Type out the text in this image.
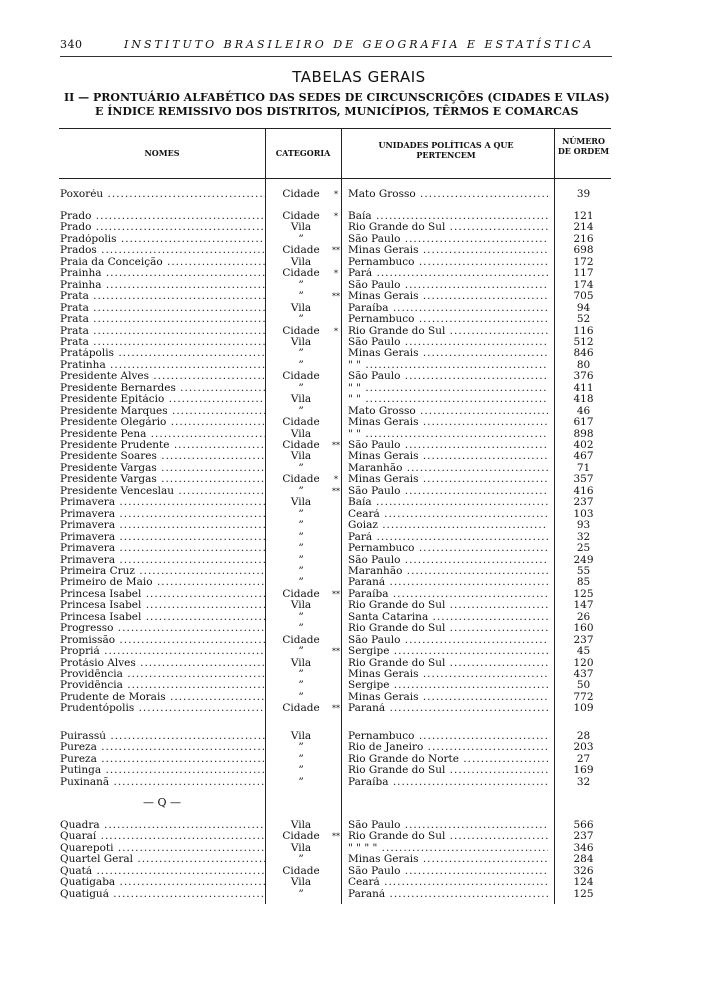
340	INSTITUTO BRASILEIRO DE GEOGRAFIA E ESTATÍSTICA
TABELAS GERAIS
II — PRONTUÁRIO ALFABÉTICO DAS SEDES DE CIRCUNSCRIÇÕES (CIDADES E VILAS)
E ÍNDICE REMISSIVO DOS DISTRITOS, MUNICÍPIOS, TÊRMOS E COMARCAS
NOMES	CATEGORIA
UNIDADES POLÍTICAS A QUE PERTENCEM
NÚMERO DE ORDEM
— Q —
Poxoréu .....	Cidade	* Mato Grosso .....	39
Prado .....	Cidade	* Baía .....	121
Prado .....	Vila	Rio Grande do Sul .....	214
Pradópolis .....	”	São Paulo .....	216
Prados .....	Cidade	** Minas Gerais .....	698
Praia da Conceição .....	Vila	Pernambuco .....	172
Prainha .....	Cidade	* Pará .....	117
Prainha .....	”	São Paulo .....	174
Prata .....	”	** Minas Gerais .....	705
Prata .....	Vila	Paraíba .....	94
Prata .....	”	Pernambuco .....	52
Prata .....	Cidade	* Rio Grande do Sul .....	116
Prata .....	Vila	São Paulo .....	512
Pratápolis .....	”	Minas Gerais .....	846
Pratinha .....	”	" " .....	80
Presidente Alves .....	Cidade	São Paulo .....	376
Presidente Bernardes .....	”	" " .....	411
Presidente Epitácio .....	Vila	" " .....	418
Presidente Marques .....	”	Mato Grosso .....	46
Presidente Olegário .....	Cidade	Minas Gerais .....	617
Presidente Pena .....	Vila	" " .....	898
Presidente Prudente .....	Cidade	** São Paulo .....	402
Presidente Soares .....	Vila	Minas Gerais .....	467
Presidente Vargas .....	”	Maranhão .....	71
Presidente Vargas .....	Cidade	* Minas Gerais .....	357
Presidente Venceslau .....	”	** São Paulo .....	416
Primavera .....	Vila	Baía .....	237
Primavera .....	”	Ceará .....	103
Primavera .....	”	Goiaz .....	93
Primavera .....	”	Pará .....	32
Primavera .....	”	Pernambuco .....	25
Primavera .....	”	São Paulo .....	249
Primeira Cruz .....	”	Maranhão .....	55
Primeiro de Maio .....	”	Paraná .....	85
Princesa Isabel .....	Cidade	** Paraíba .....	125
Princesa Isabel .....	Vila	Rio Grande do Sul .....	147
Princesa Isabel .....	”	Santa Catarina .....	26
Progresso .....	”	Rio Grande do Sul .....	160
Promissão .....	Cidade	São Paulo .....	237
Propriá .....	”	** Sergipe .....	45
Protásio Alves .....	Vila	Rio Grande do Sul .....	120
Providência .....	”	Minas Gerais .....	437
Providência .....	”	Sergipe .....	50
Prudente de Morais .....	”	Minas Gerais .....	772
Prudentópolis .....	Cidade	** Paraná .....	109
Puirassú .....	Vila	Pernambuco .....	28
Pureza .....	”	Rio de Janeiro .....	203
Pureza .....	”	Rio Grande do Norte .....	27
Putinga .....	”	Rio Grande do Sul .....	169
Puxinanã .....	”	Paraíba .....	32
Quadra .....	Vila	São Paulo .....	566
Quaraí .....	Cidade	** Rio Grande do Sul .....	237
Quarepoti .....	Vila	" " " " .....	346
Quartel Geral .....	”	Minas Gerais .....	284
Quatá .....	Cidade	São Paulo .....	326
Quatigaba .....	Vila	Ceará .....	124
Quatiguá .....	”	Paraná .....	125
